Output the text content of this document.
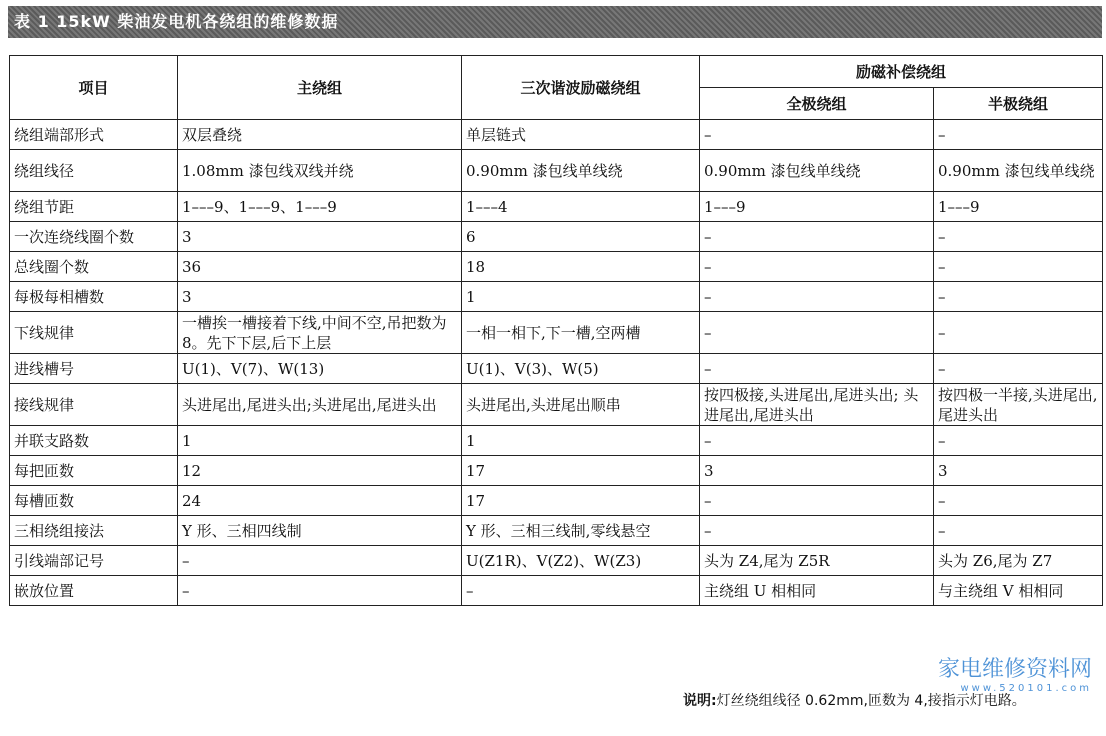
表 1 15kW 柴油发电机各绕组的维修数据
项目	主绕组	三次谐波励磁绕组	励磁补偿绕组	
			全极绕组	半极绕组
绕组端部形式	双层叠绕	单层链式	–	–
绕组线径	1.08mm 漆包线双线并绕	0.90mm 漆包线单线绕	0.90mm 漆包线单线绕	0.90mm 漆包线单线绕
绕组节距	1–––9、1–––9、1–––9	1–––4	1–––9	1–––9
一次连绕线圈个数	3	6	–	–
总线圈个数	36	18	–	–
每极每相槽数	3	1	–	–
下线规律	一槽挨一槽接着下线,中间不空,吊把数为 8。先下下层,后下上层	一相一相下,下一槽,空两槽	–	–
进线槽号	U(1)、V(7)、W(13)	U(1)、V(3)、W(5)	–	–
接线规律	头进尾出,尾进头出;头进尾出,尾进头出	头进尾出,头进尾出顺串	按四极接,头进尾出,尾进头出; 头进尾出,尾进头出	按四极一半接,头进尾出,尾进头出
并联支路数	1	1	–	–
每把匝数	12	17	3	3
每槽匝数	24	17	–	–
三相绕组接法	Y 形、三相四线制	Y 形、三相三线制,零线悬空	–	–
引线端部记号	–	U(Z1R)、V(Z2)、W(Z3)	头为 Z4,尾为 Z5R	头为 Z6,尾为 Z7
嵌放位置	–	–	主绕组 U 相相同	与主绕组 V 相相同
家电维修资料网
www.520101.com
说明:灯丝绕组线径 0.62mm,匝数为 4,接指示灯电路。
